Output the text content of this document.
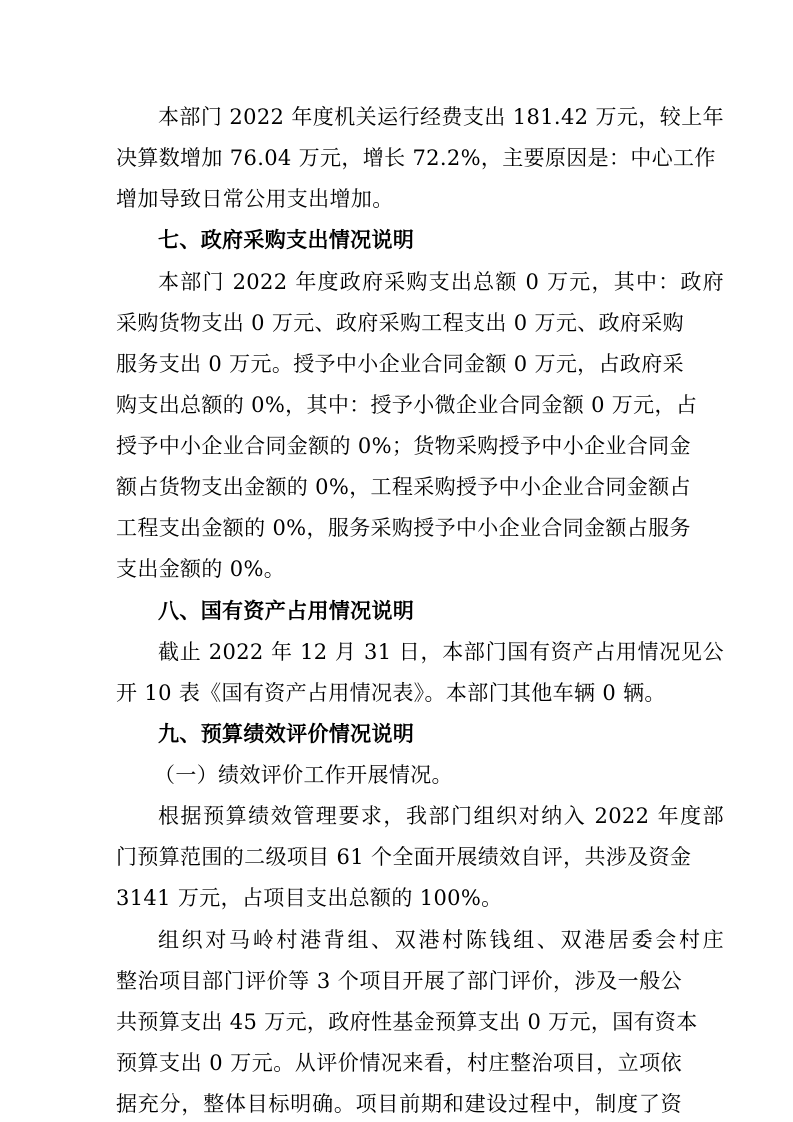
本部门 2022 年度机关运行经费支出 181.42 万元，较上年
决算数增加 76.04 万元，增长 72.2%，主要原因是：中心工作
增加导致日常公用支出增加。
七、政府采购支出情况说明
本部门 2022 年度政府采购支出总额 0 万元，其中：政府
采购货物支出 0 万元、政府采购工程支出 0 万元、政府采购
服务支出 0 万元。授予中小企业合同金额 0 万元，占政府采
购支出总额的 0%，其中：授予小微企业合同金额 0 万元，占
授予中小企业合同金额的 0%；货物采购授予中小企业合同金
额占货物支出金额的 0%，工程采购授予中小企业合同金额占
工程支出金额的 0%，服务采购授予中小企业合同金额占服务
支出金额的 0%。
八、国有资产占用情况说明
截止 2022 年 12 月 31 日，本部门国有资产占用情况见公
开 10 表《国有资产占用情况表》。本部门其他车辆 0 辆。
九、预算绩效评价情况说明
（一）绩效评价工作开展情况。
根据预算绩效管理要求，我部门组织对纳入 2022 年度部
门预算范围的二级项目 61 个全面开展绩效自评，共涉及资金
3141 万元，占项目支出总额的 100%。
组织对马岭村港背组、双港村陈钱组、双港居委会村庄
整治项目部门评价等 3 个项目开展了部门评价，涉及一般公
共预算支出 45 万元，政府性基金预算支出 0 万元，国有资本
预算支出 0 万元。从评价情况来看，村庄整治项目，立项依
据充分，整体目标明确。项目前期和建设过程中，制度了资
